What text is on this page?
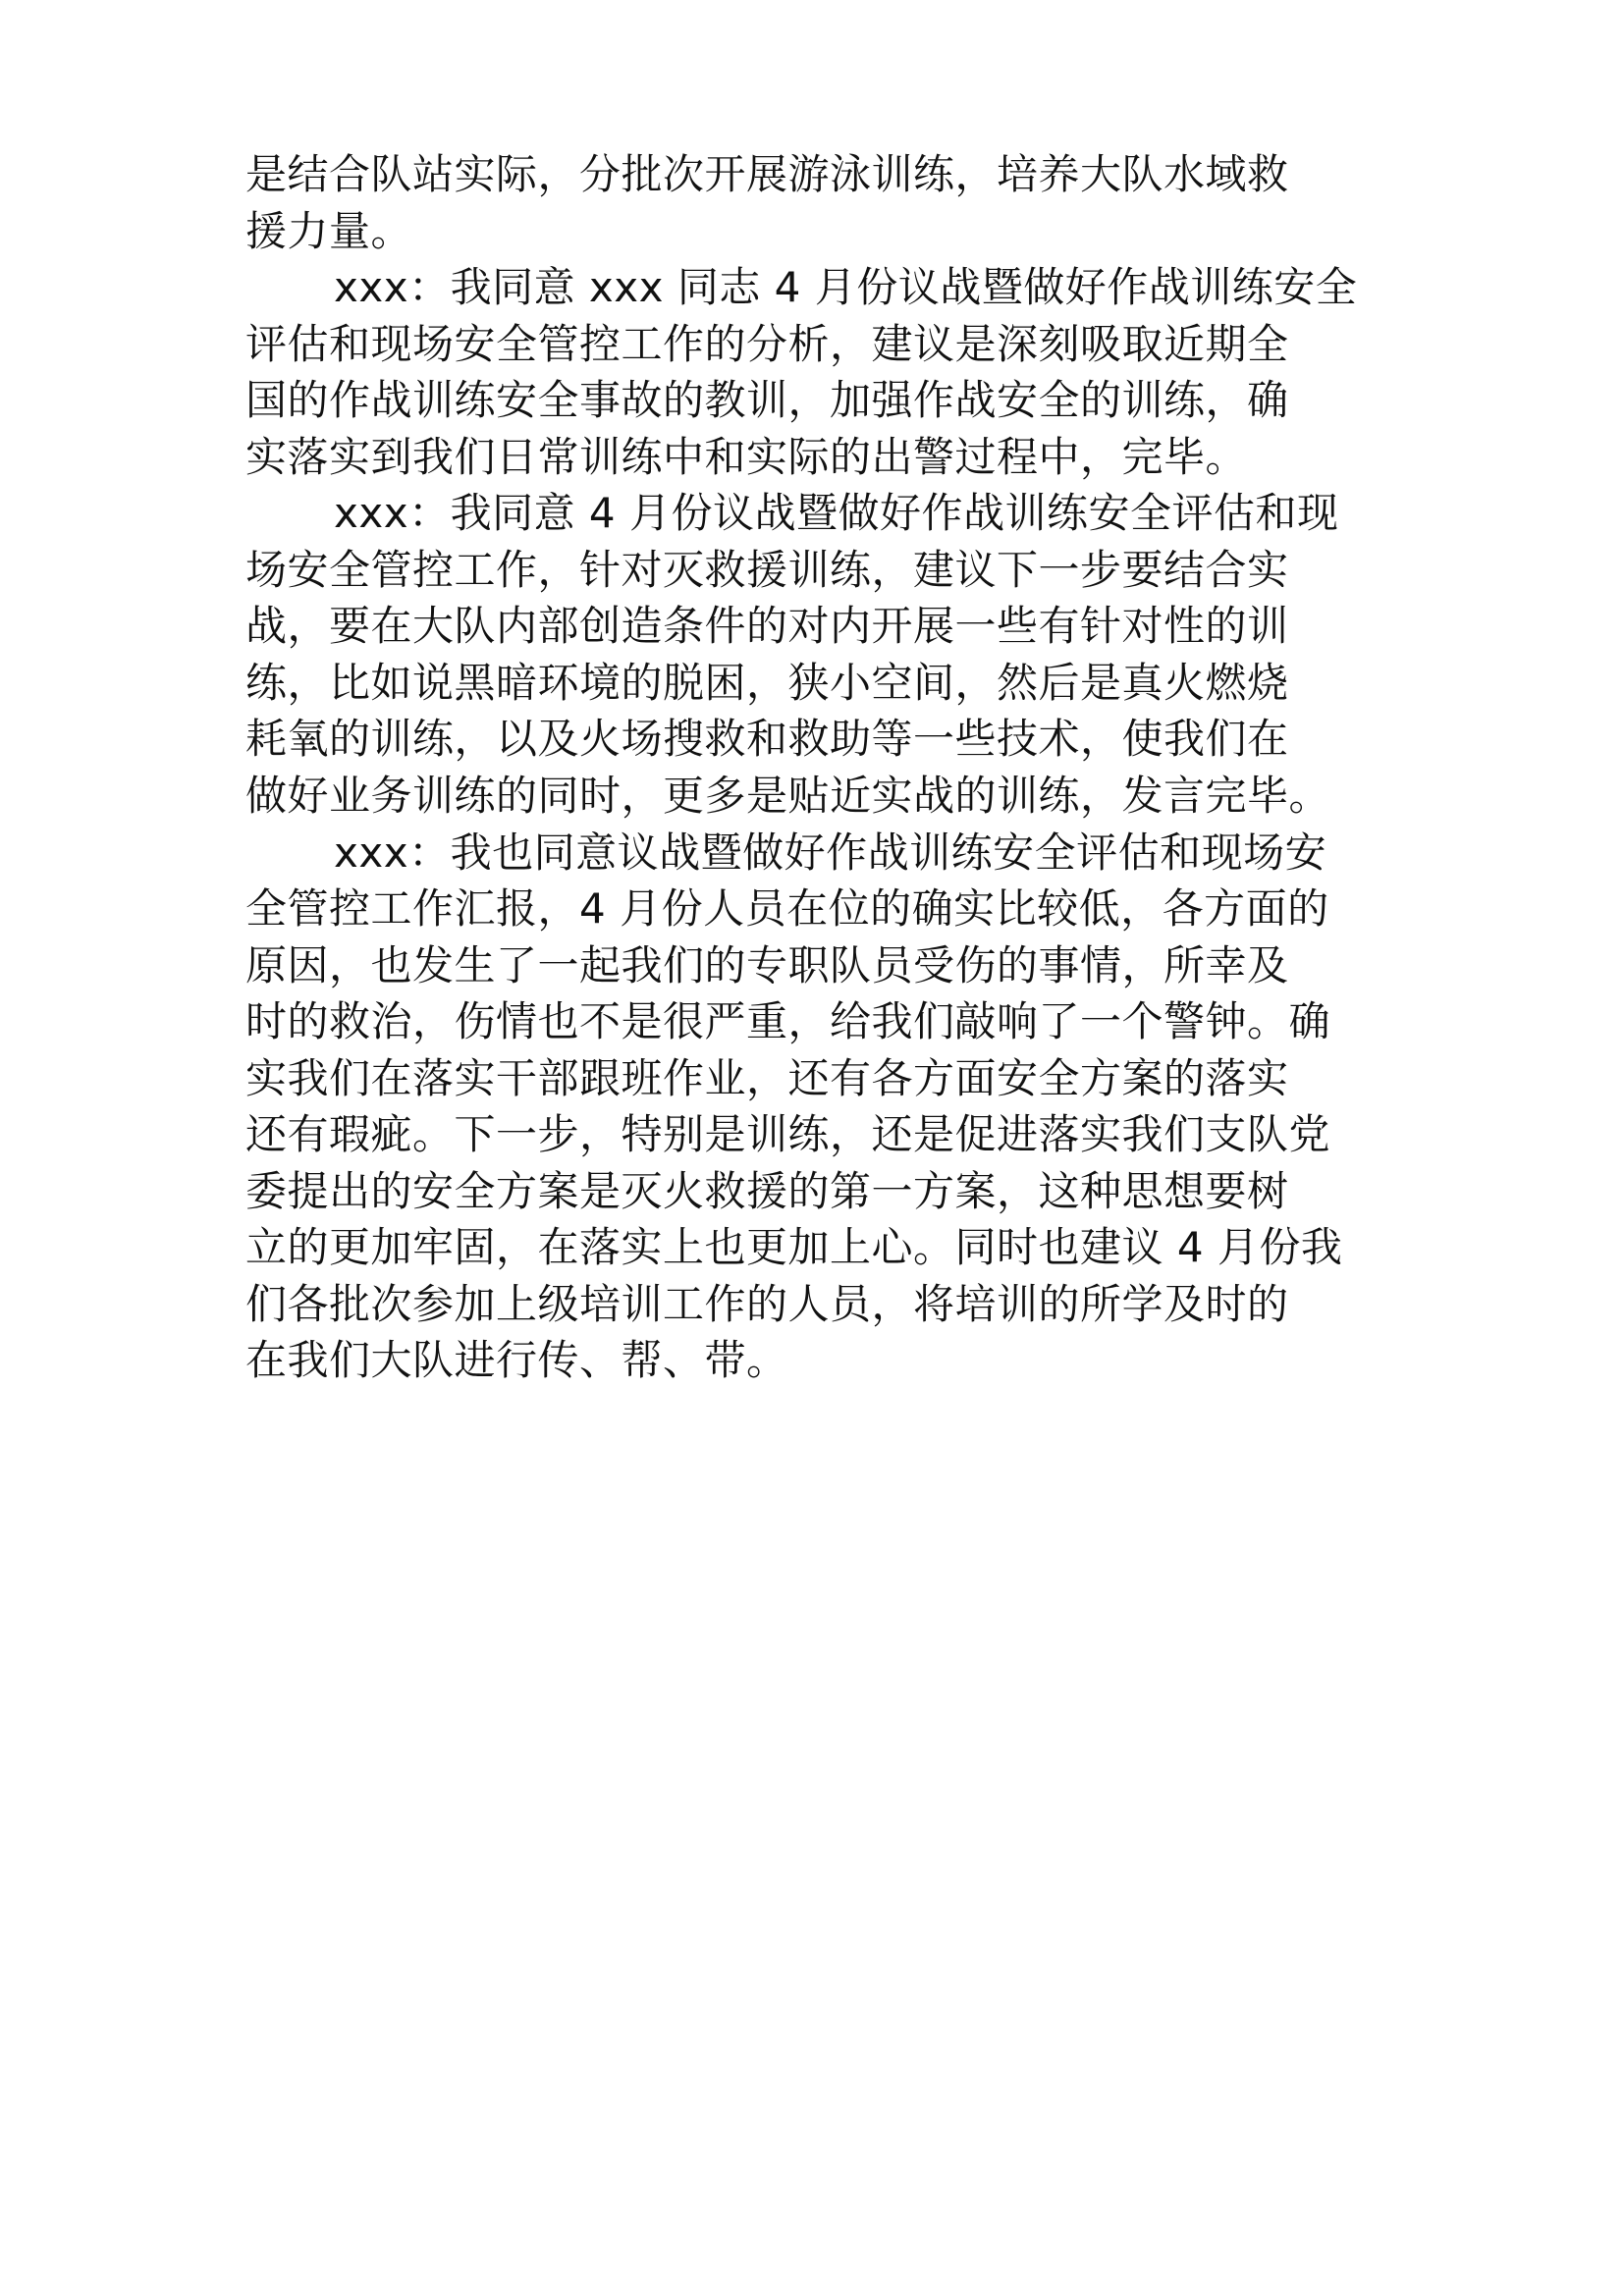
是结合队站实际，分批次开展游泳训练，培养大队水域救
援力量。
xxx：我同意 xxx 同志 4 月份议战暨做好作战训练安全
评估和现场安全管控工作的分析，建议是深刻吸取近期全
国的作战训练安全事故的教训，加强作战安全的训练，确
实落实到我们日常训练中和实际的出警过程中，完毕。
xxx：我同意 4 月份议战暨做好作战训练安全评估和现
场安全管控工作，针对灭救援训练，建议下一步要结合实
战，要在大队内部创造条件的对内开展一些有针对性的训
练，比如说黑暗环境的脱困，狭小空间，然后是真火燃烧
耗氧的训练，以及火场搜救和救助等一些技术，使我们在
做好业务训练的同时，更多是贴近实战的训练，发言完毕。
xxx：我也同意议战暨做好作战训练安全评估和现场安
全管控工作汇报，4 月份人员在位的确实比较低，各方面的
原因，也发生了一起我们的专职队员受伤的事情，所幸及
时的救治，伤情也不是很严重，给我们敲响了一个警钟。确
实我们在落实干部跟班作业，还有各方面安全方案的落实
还有瑕疵。下一步，特别是训练，还是促进落实我们支队党
委提出的安全方案是灭火救援的第一方案，这种思想要树
立的更加牢固，在落实上也更加上心。同时也建议 4 月份我
们各批次参加上级培训工作的人员，将培训的所学及时的
在我们大队进行传、帮、带。
